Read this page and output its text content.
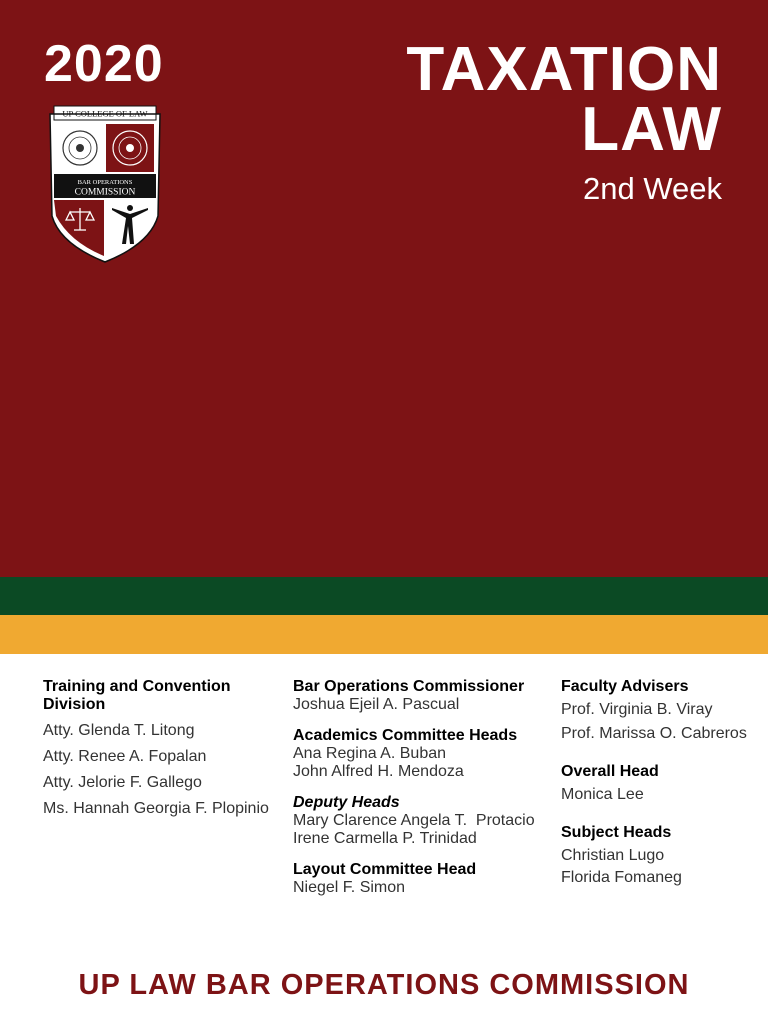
2020
UP COLLEGE OF LAW
BAR OPERATIONS
COMMISSION
TAXATION
LAW
2nd Week
Training and Convention
Division
Atty. Glenda T. Litong
Atty. Renee A. Fopalan
Atty. Jelorie F. Gallego
Ms. Hannah Georgia F. Plopinio
Bar Operations Commissioner
Joshua Ejeil A. Pascual
Academics Committee Heads
Ana Regina A. Buban
John Alfred H. Mendoza
Deputy Heads
Mary Clarence Angela T.  Protacio
Irene Carmella P. Trinidad
Layout Committee Head
Niegel F. Simon
Faculty Advisers
Prof. Virginia B. Viray
Prof. Marissa O. Cabreros
Overall Head
Monica Lee
Subject Heads
Christian Lugo
Florida Fomaneg
UP LAW BAR OPERATIONS COMMISSION
